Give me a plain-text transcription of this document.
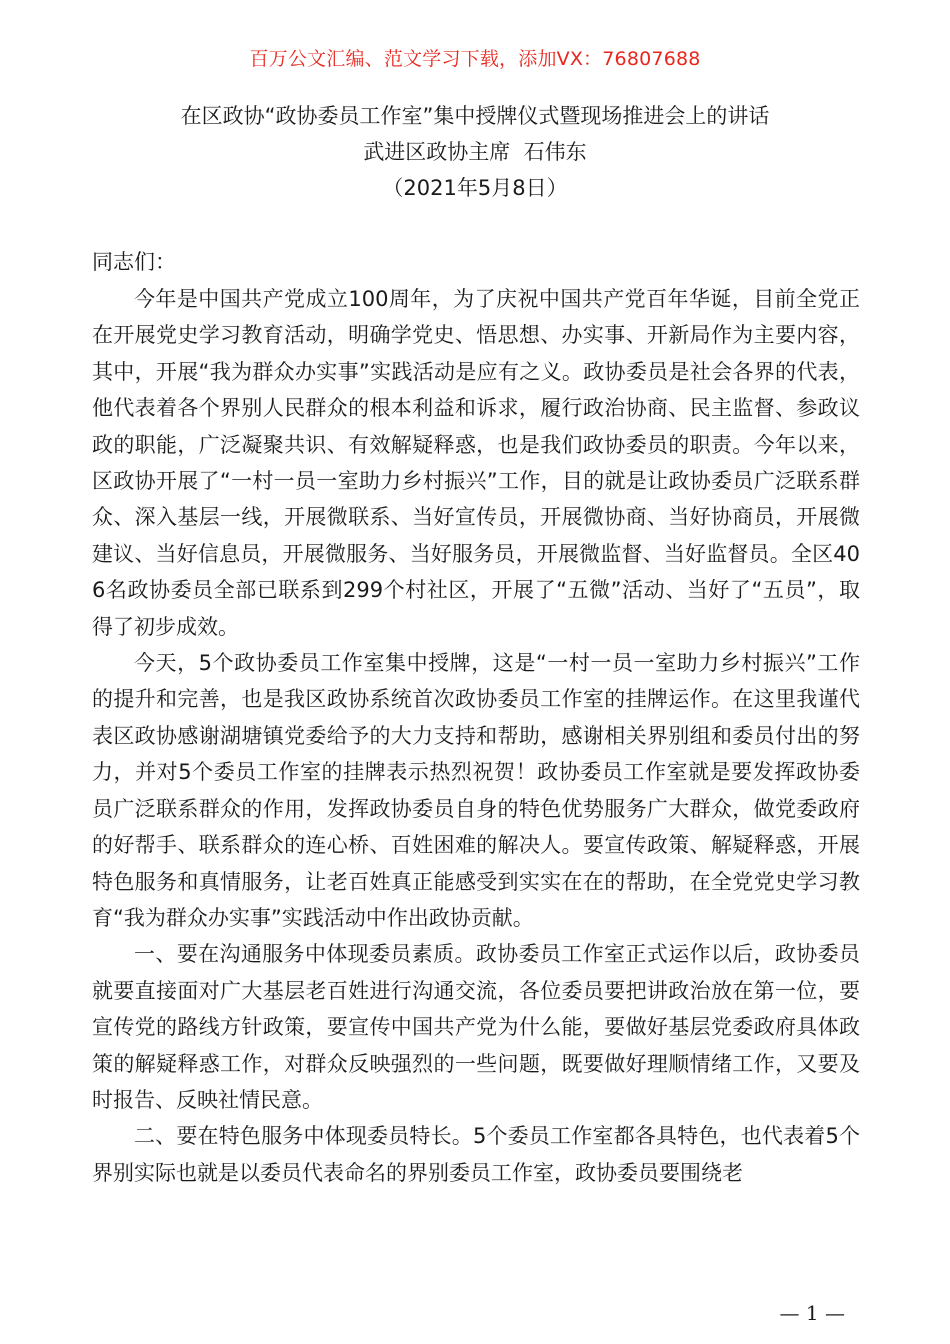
百万公文汇编、范文学习下载，添加VX：76807688
在区政协“政协委员工作室”集中授牌仪式暨现场推进会上的讲话
武进区政协主席  石伟东
（2021年5月8日）
同志们：

今年是中国共产党成立100周年，为了庆祝中国共产党百年华诞，目前全党正在开展党史学习教育活动，明确学党史、悟思想、办实事、开新局作为主要内容，其中，开展“我为群众办实事”实践活动是应有之义。政协委员是社会各界的代表，他代表着各个界别人民群众的根本利益和诉求，履行政治协商、民主监督、参政议政的职能，广泛凝聚共识、有效解疑释惑，也是我们政协委员的职责。今年以来，区政协开展了“一村一员一室助力乡村振兴”工作，目的就是让政协委员广泛联系群众、深入基层一线，开展微联系、当好宣传员，开展微协商、当好协商员，开展微建议、当好信息员，开展微服务、当好服务员，开展微监督、当好监督员。全区406名政协委员全部已联系到299个村社区，开展了“五微”活动、当好了“五员”，取得了初步成效。

今天，5个政协委员工作室集中授牌，这是“一村一员一室助力乡村振兴”工作的提升和完善，也是我区政协系统首次政协委员工作室的挂牌运作。在这里我谨代表区政协感谢湖塘镇党委给予的大力支持和帮助，感谢相关界别组和委员付出的努力，并对5个委员工作室的挂牌表示热烈祝贺！政协委员工作室就是要发挥政协委员广泛联系群众的作用，发挥政协委员自身的特色优势服务广大群众，做党委政府的好帮手、联系群众的连心桥、百姓困难的解决人。要宣传政策、解疑释惑，开展特色服务和真情服务，让老百姓真正能感受到实实在在的帮助，在全党党史学习教育“我为群众办实事”实践活动中作出政协贡献。

一、要在沟通服务中体现委员素质。政协委员工作室正式运作以后，政协委员就要直接面对广大基层老百姓进行沟通交流，各位委员要把讲政治放在第一位，要宣传党的路线方针政策，要宣传中国共产党为什么能，要做好基层党委政府具体政策的解疑释惑工作，对群众反映强烈的一些问题，既要做好理顺情绪工作，又要及时报告、反映社情民意。

二、要在特色服务中体现委员特长。5个委员工作室都各具特色，也代表着5个界别实际也就是以委员代表命名的界别委员工作室，政协委员要围绕老

— 1 —
